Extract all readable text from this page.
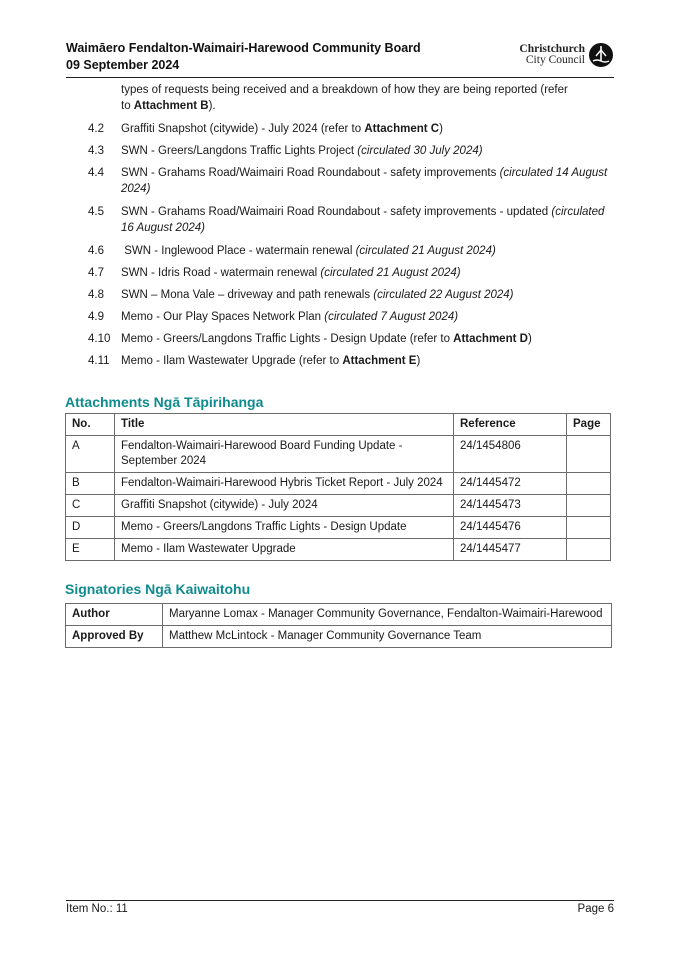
Waimāero Fendalton-Waimairi-Harewood Community Board
09 September 2024
Christchurch
City Council
types of requests being received and a breakdown of how they are being reported (refer
to Attachment B).
4.2	Graffiti Snapshot (citywide) - July 2024 (refer to Attachment C)
4.3	SWN - Greers/Langdons Traffic Lights Project (circulated 30 July 2024)
4.4	SWN - Grahams Road/Waimairi Road Roundabout - safety improvements (circulated 14 August 2024)
4.5	SWN - Grahams Road/Waimairi Road Roundabout - safety improvements - updated (circulated 16 August 2024)
4.6	SWN - Inglewood Place - watermain renewal (circulated 21 August 2024)
4.7	SWN - Idris Road - watermain renewal (circulated 21 August 2024)
4.8	SWN – Mona Vale – driveway and path renewals (circulated 22 August 2024)
4.9	Memo - Our Play Spaces Network Plan (circulated 7 August 2024)
4.10 Memo - Greers/Langdons Traffic Lights - Design Update (refer to Attachment D)
4.11 Memo - Ilam Wastewater Upgrade (refer to Attachment E)
Attachments Ngā Tāpirihanga
No.	Title	Reference	Page
A	Fendalton-Waimairi-Harewood Board Funding Update - September 2024	24/1454806	
B	Fendalton-Waimairi-Harewood Hybris Ticket Report - July 2024	24/1445472	
C	Graffiti Snapshot (citywide) - July 2024	24/1445473	
D	Memo - Greers/Langdons Traffic Lights - Design Update	24/1445476	
E	Memo - Ilam Wastewater Upgrade	24/1445477	
Signatories Ngā Kaiwaitohu
Author	Maryanne Lomax - Manager Community Governance, Fendalton-Waimairi-Harewood
Approved By	Matthew McLintock - Manager Community Governance Team
Item No.: 11	Page 6
